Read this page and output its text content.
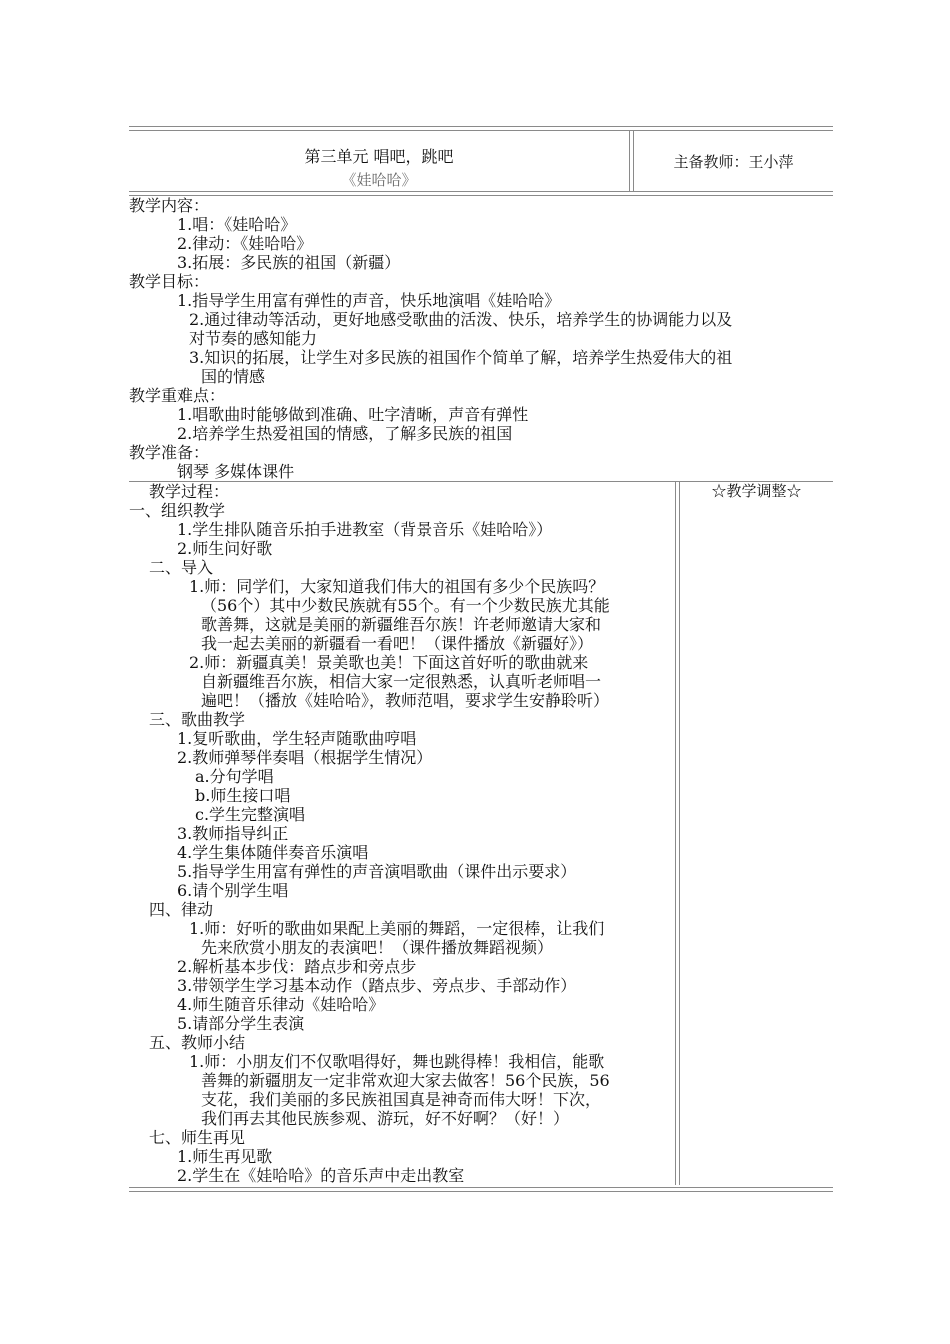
第三单元 唱吧，跳吧
《娃哈哈》
主备教师：王小萍
教学内容：
1.唱：《娃哈哈》
2.律动：《娃哈哈》
3.拓展：多民族的祖国（新疆）
教学目标：
1.指导学生用富有弹性的声音，快乐地演唱《娃哈哈》
2.通过律动等活动，更好地感受歌曲的活泼、快乐，培养学生的协调能力以及
对节奏的感知能力
3.知识的拓展，让学生对多民族的祖国作个简单了解，培养学生热爱伟大的祖
国的情感
教学重难点：
1.唱歌曲时能够做到准确、吐字清晰，声音有弹性
2.培养学生热爱祖国的情感，了解多民族的祖国
教学准备：
钢琴 多媒体课件
教学过程：
一、组织教学
1.学生排队随音乐拍手进教室（背景音乐《娃哈哈》）
2.师生问好歌
二、导入
1.师：同学们，大家知道我们伟大的祖国有多少个民族吗？
（56个）其中少数民族就有55个。有一个少数民族尤其能
歌善舞，这就是美丽的新疆维吾尔族！许老师邀请大家和
我一起去美丽的新疆看一看吧！（课件播放《新疆好》）
2.师：新疆真美！景美歌也美！下面这首好听的歌曲就来
自新疆维吾尔族，相信大家一定很熟悉，认真听老师唱一
遍吧！（播放《娃哈哈》，教师范唱，要求学生安静聆听）
三、歌曲教学
1.复听歌曲，学生轻声随歌曲哼唱
2.教师弹琴伴奏唱（根据学生情况）
a.分句学唱
b.师生接口唱
c.学生完整演唱
3.教师指导纠正
4.学生集体随伴奏音乐演唱
5.指导学生用富有弹性的声音演唱歌曲（课件出示要求）
6.请个别学生唱
四、律动
1.师：好听的歌曲如果配上美丽的舞蹈，一定很棒，让我们
先来欣赏小朋友的表演吧！（课件播放舞蹈视频）
2.解析基本步伐：踏点步和旁点步
3.带领学生学习基本动作（踏点步、旁点步、手部动作）
4.师生随音乐律动《娃哈哈》
5.请部分学生表演
五、教师小结
1.师：小朋友们不仅歌唱得好，舞也跳得棒！我相信，能歌
善舞的新疆朋友一定非常欢迎大家去做客！56个民族，56
支花，我们美丽的多民族祖国真是神奇而伟大呀！下次，
我们再去其他民族参观、游玩，好不好啊？（好！）
七、师生再见
1.师生再见歌
2.学生在《娃哈哈》的音乐声中走出教室
☆教学调整☆
